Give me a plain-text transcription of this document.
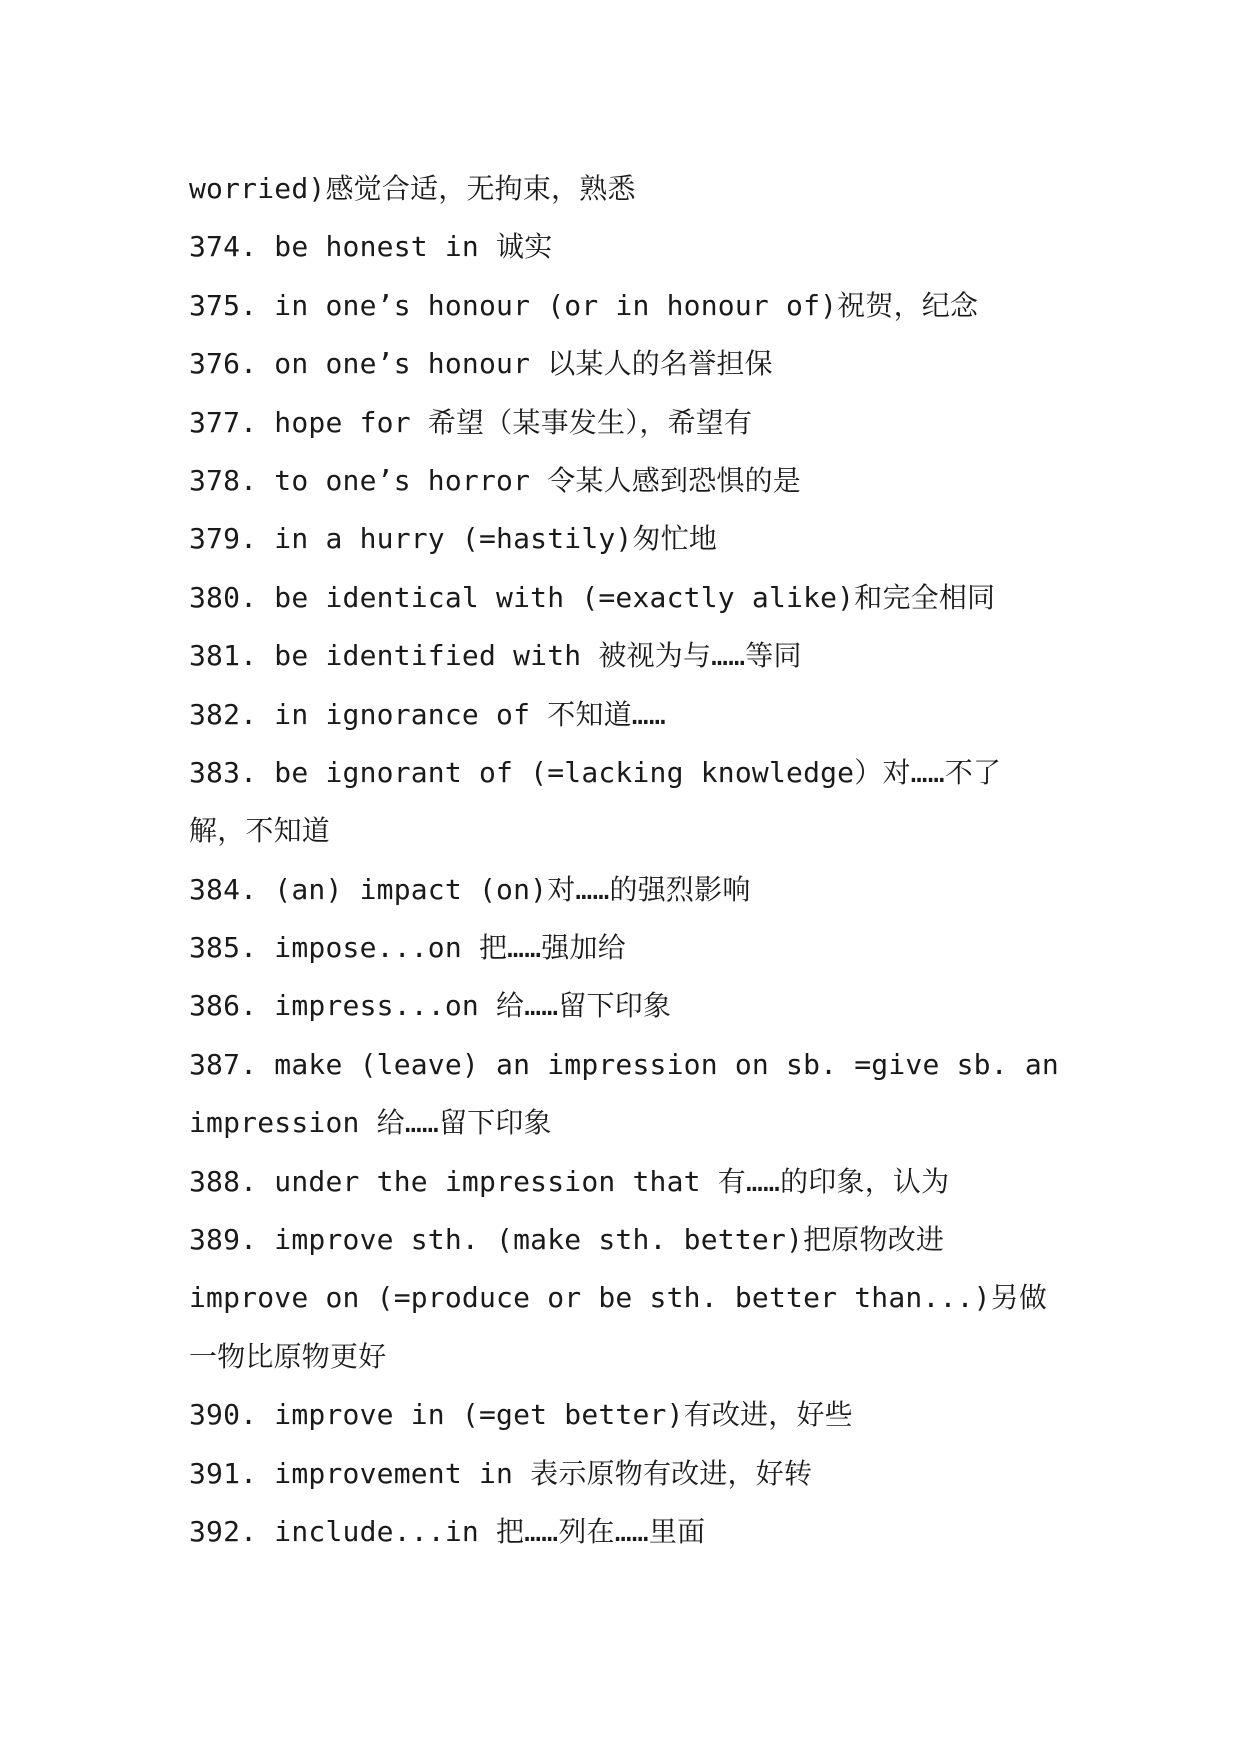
worried)感觉合适，无拘束，熟悉
374. be honest in 诚实
375. in one’s honour (or in honour of)祝贺，纪念
376. on one’s honour 以某人的名誉担保
377. hope for 希望（某事发生），希望有
378. to one’s horror 令某人感到恐惧的是
379. in a hurry (=hastily)匆忙地
380. be identical with (=exactly alike)和完全相同
381. be identified with 被视为与……等同
382. in ignorance of 不知道……
383. be ignorant of (=lacking knowledge）对……不了
解，不知道
384. (an) impact (on)对……的强烈影响
385. impose...on 把……强加给
386. impress...on 给……留下印象
387. make (leave) an impression on sb. =give sb. an
impression 给……留下印象
388. under the impression that 有……的印象，认为
389. improve sth. (make sth. better)把原物改进
improve on (=produce or be sth. better than...)另做
一物比原物更好
390. improve in (=get better)有改进，好些
391. improvement in 表示原物有改进，好转
392. include...in 把……列在……里面
